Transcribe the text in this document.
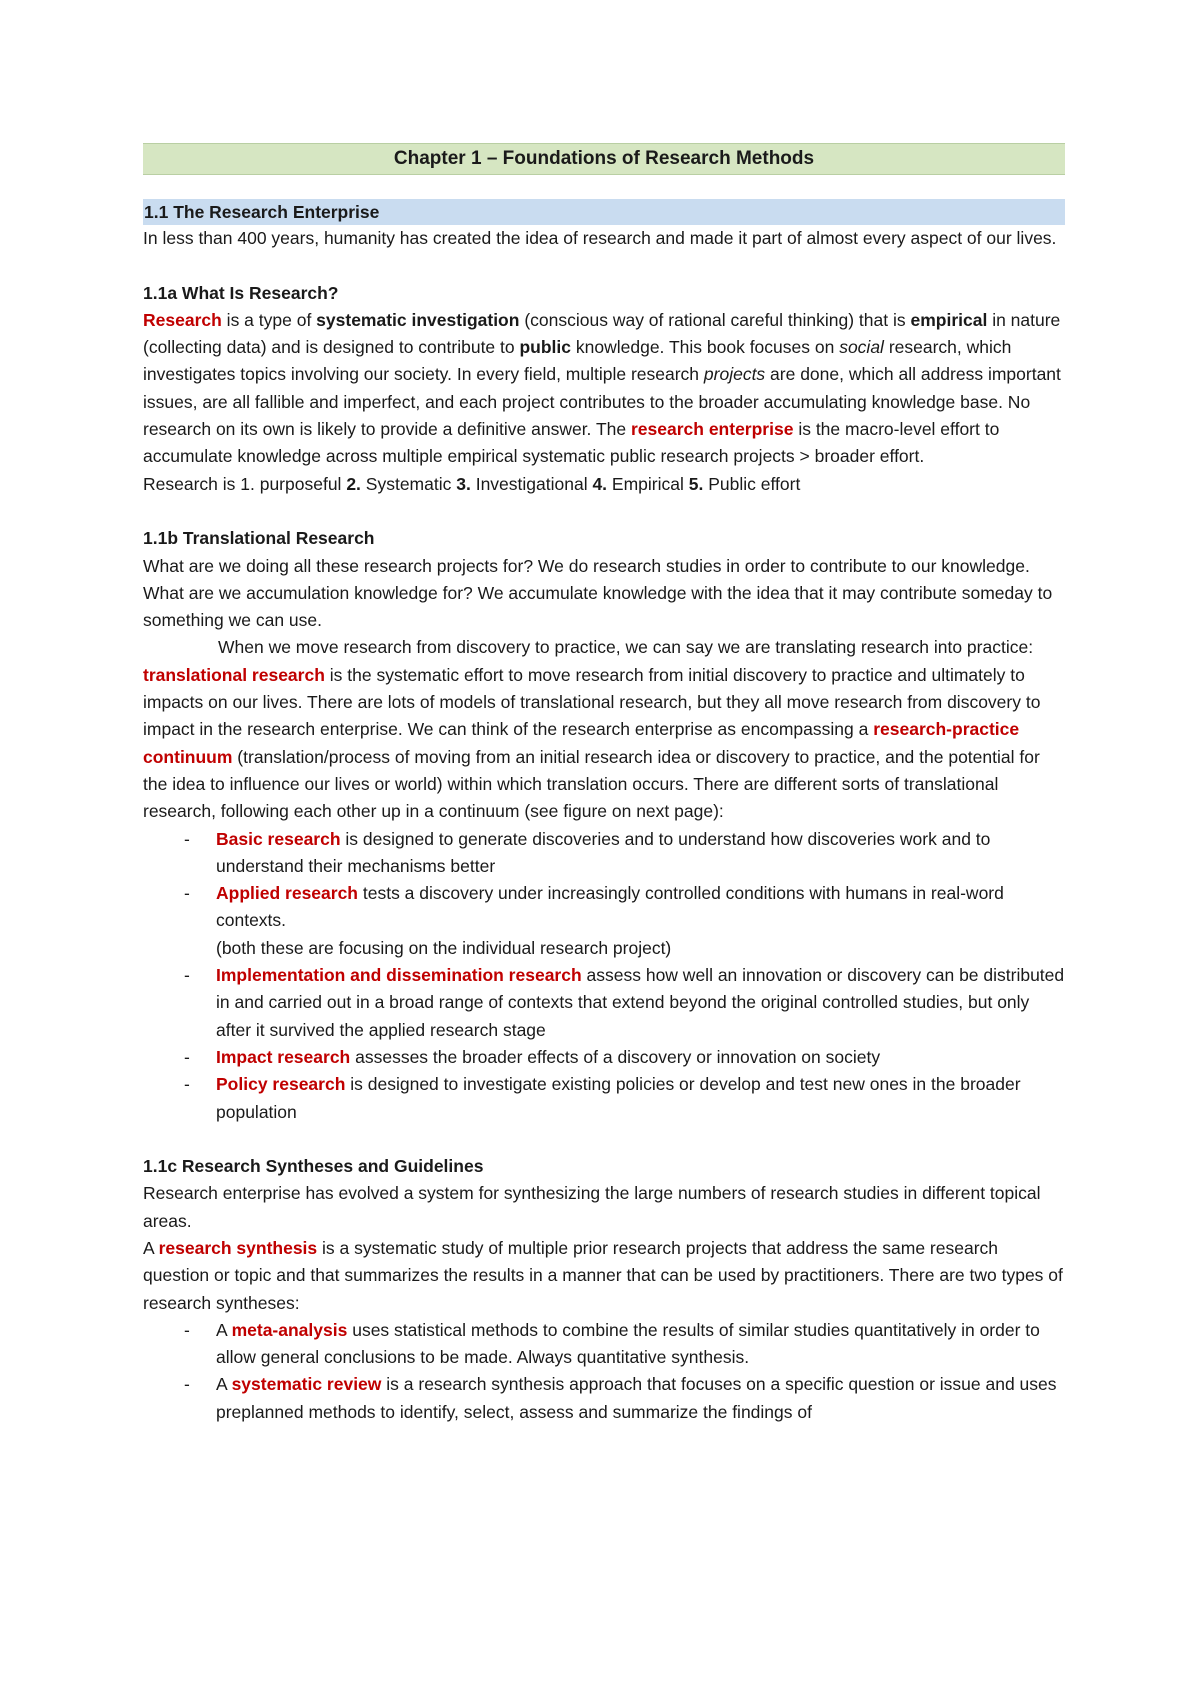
Chapter 1 – Foundations of Research Methods
1.1 The Research Enterprise

In less than 400 years, humanity has created the idea of research and made it part of almost every aspect of our lives.

1.1a What Is Research?

Research is a type of systematic investigation (conscious way of rational careful thinking) that is empirical in nature (collecting data) and is designed to contribute to public knowledge. This book focuses on social research, which investigates topics involving our society. In every field, multiple research projects are done, which all address important issues, are all fallible and imperfect, and each project contributes to the broader accumulating knowledge base. No research on its own is likely to provide a definitive answer. The research enterprise is the macro-level effort to accumulate knowledge across multiple empirical systematic public research projects > broader effort.

Research is 1. purposeful 2. Systematic 3. Investigational 4. Empirical 5. Public effort

1.1b Translational Research

What are we doing all these research projects for? We do research studies in order to contribute to our knowledge. What are we accumulation knowledge for? We accumulate knowledge with the idea that it may contribute someday to something we can use.

When we move research from discovery to practice, we can say we are translating research into practice: translational research is the systematic effort to move research from initial discovery to practice and ultimately to impacts on our lives. There are lots of models of translational research, but they all move research from discovery to impact in the research enterprise. We can think of the research enterprise as encompassing a research-practice continuum (translation/process of moving from an initial research idea or discovery to practice, and the potential for the idea to influence our lives or world) within which translation occurs. There are different sorts of translational research, following each other up in a continuum (see figure on next page):

- Basic research is designed to generate discoveries and to understand how discoveries work and to understand their mechanisms better
- Applied research tests a discovery under increasingly controlled conditions with humans in real-word contexts.
(both these are focusing on the individual research project)
- Implementation and dissemination research assess how well an innovation or discovery can be distributed in and carried out in a broad range of contexts that extend beyond the original controlled studies, but only after it survived the applied research stage
- Impact research assesses the broader effects of a discovery or innovation on society
- Policy research is designed to investigate existing policies or develop and test new ones in the broader population
1.1c Research Syntheses and Guidelines

Research enterprise has evolved a system for synthesizing the large numbers of research studies in different topical areas.

A research synthesis is a systematic study of multiple prior research projects that address the same research question or topic and that summarizes the results in a manner that can be used by practitioners. There are two types of research syntheses:

- A meta-analysis uses statistical methods to combine the results of similar studies quantitatively in order to allow general conclusions to be made. Always quantitative synthesis.
- A systematic review is a research synthesis approach that focuses on a specific question or issue and uses preplanned methods to identify, select, assess and summarize the findings of
